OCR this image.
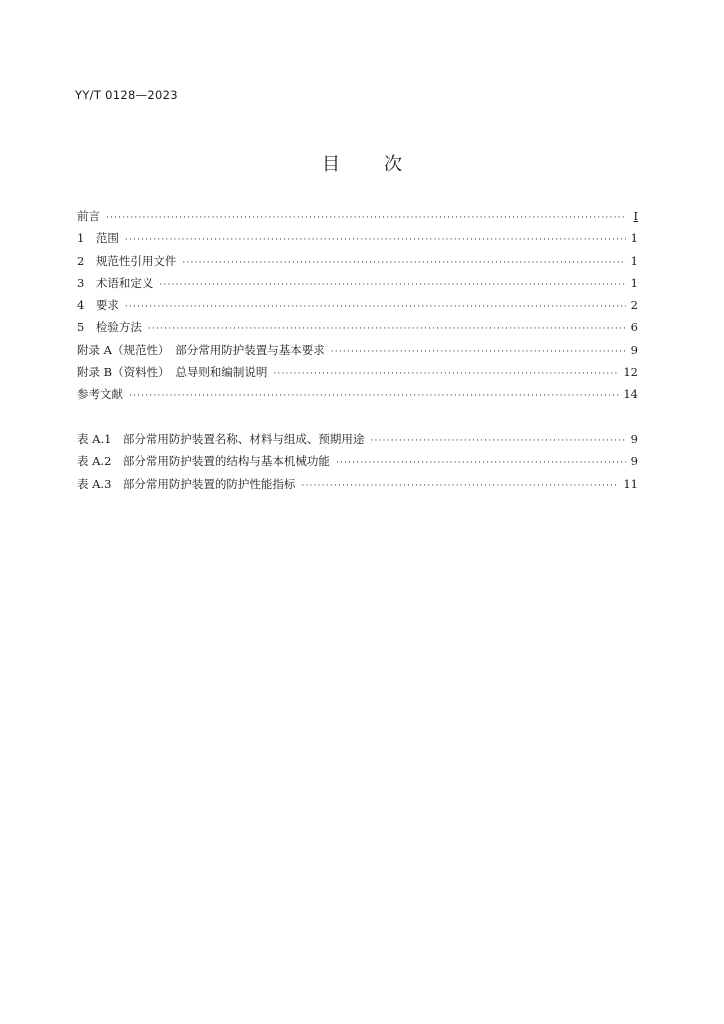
YY/T 0128—2023
目 次
前言 ·····	Ⅰ
1　范围 ·····	1
2　规范性引用文件 ·····	1
3　术语和定义 ·····	1
4　要求 ·····	2
5　检验方法 ·····	6
附录 A（规范性）　部分常用防护装置与基本要求 ·····	9
附录 B（资料性）　总导则和编制说明 ·····	12
参考文献 ·····	14
表 A.1　部分常用防护装置名称、材料与组成、预期用途 ·····	9
表 A.2　部分常用防护装置的结构与基本机械功能 ·····	9
表 A.3　部分常用防护装置的防护性能指标 ·····	11
